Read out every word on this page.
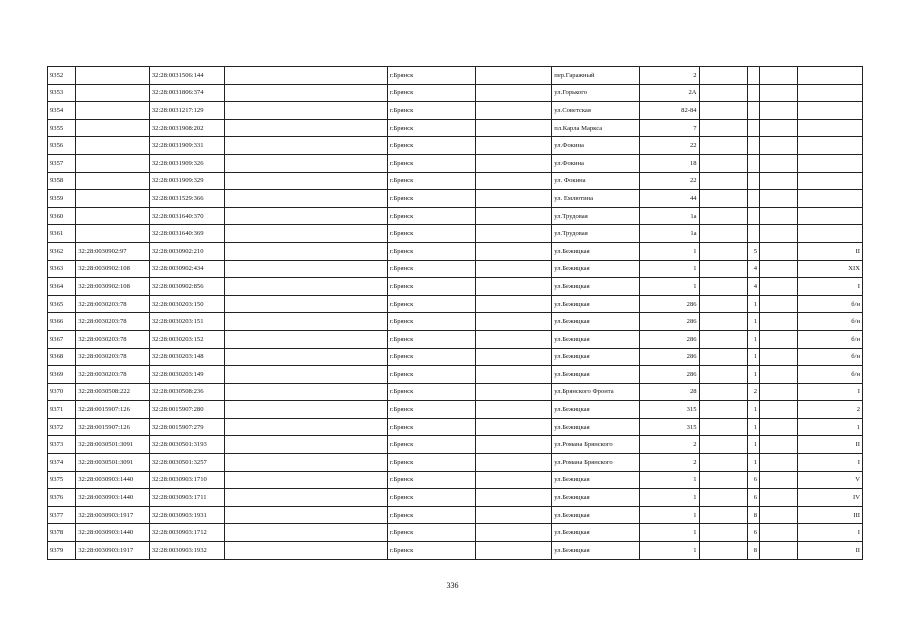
9352		32:28:0031506:144		г.Брянск		пер.Гаражный	2				
9353		32:28:0031806:374		г.Брянск		ул.Горького	2А				
9354		32:28:0031217:129		г.Брянск		ул.Советская	82-84				
9355		32:28:0031908:202		г.Брянск		пл.Карла Маркса	7				
9356		32:28:0031909:331		г.Брянск		ул.Фокина	22				
9357		32:28:0031909:326		г.Брянск		ул.Фокина	18				
9358		32:28:0031909:329		г.Брянск		ул. Фокина	22				
9359		32:28:0031529:366		г.Брянск		ул. Емлютина	44				
9360		32:28:0031640:370		г.Брянск		ул.Трудовая	1а				
9361		32:28:0031640:369		г.Брянск		ул.Трудовая	1а				
9362	32:28:0030902:97	32:28:0030902:210		г.Брянск		ул.Бежицкая	1		5		II
9363	32:28:0030902:108	32:28:0030902:434		г.Брянск		ул.Бежицкая	1		4		XIX
9364	32:28:0030902:108	32:28:0030902:856		г.Брянск		ул.Бежицкая	1		4		I
9365	32:28:0030203:78	32:28:0030203:150		г.Брянск		ул.Бежицкая	286		1		б/н
9366	32:28:0030203:78	32:28:0030203:151		г.Брянск		ул.Бежицкая	286		1		б/н
9367	32:28:0030203:78	32:28:0030203:152		г.Брянск		ул.Бежицкая	286		1		б/н
9368	32:28:0030203:78	32:28:0030203:148		г.Брянск		ул.Бежицкая	286		1		б/н
9369	32:28:0030203:78	32:28:0030203:149		г.Брянск		ул.Бежицкая	286		1		б/н
9370	32:28:0030508:222	32:28:0030508:236		г.Брянск		ул.Брянского Фронта	28		2		I
9371	32:28:0015907:126	32:28:0015907:280		г.Брянск		ул.Бежицкая	315		1		2
9372	32:28:0015907:126	32:28:0015907:279		г.Брянск		ул.Бежицкая	315		1		1
9373	32:28:0030501:3091	32:28:0030501:3193		г.Брянск		ул.Романа Брянского	2		1		II
9374	32:28:0030501:3091	32:28:0030501:3257		г.Брянск		ул.Романа Брянского	2		1		I
9375	32:28:0030903:1440	32:28:0030903:1710		г.Брянск		ул.Бежицкая	1		6		V
9376	32:28:0030903:1440	32:28:0030903:1711		г.Брянск		ул.Бежицкая	1		6		IV
9377	32:28:0030903:1917	32:28:0030903:1931		г.Брянск		ул.Бежицкая	1		8		III
9378	32:28:0030903:1440	32:28:0030903:1712		г.Брянск		ул.Бежицкая	1		6		I
9379	32:28:0030903:1917	32:28:0030903:1932		г.Брянск		ул.Бежицкая	1		8		II
336
